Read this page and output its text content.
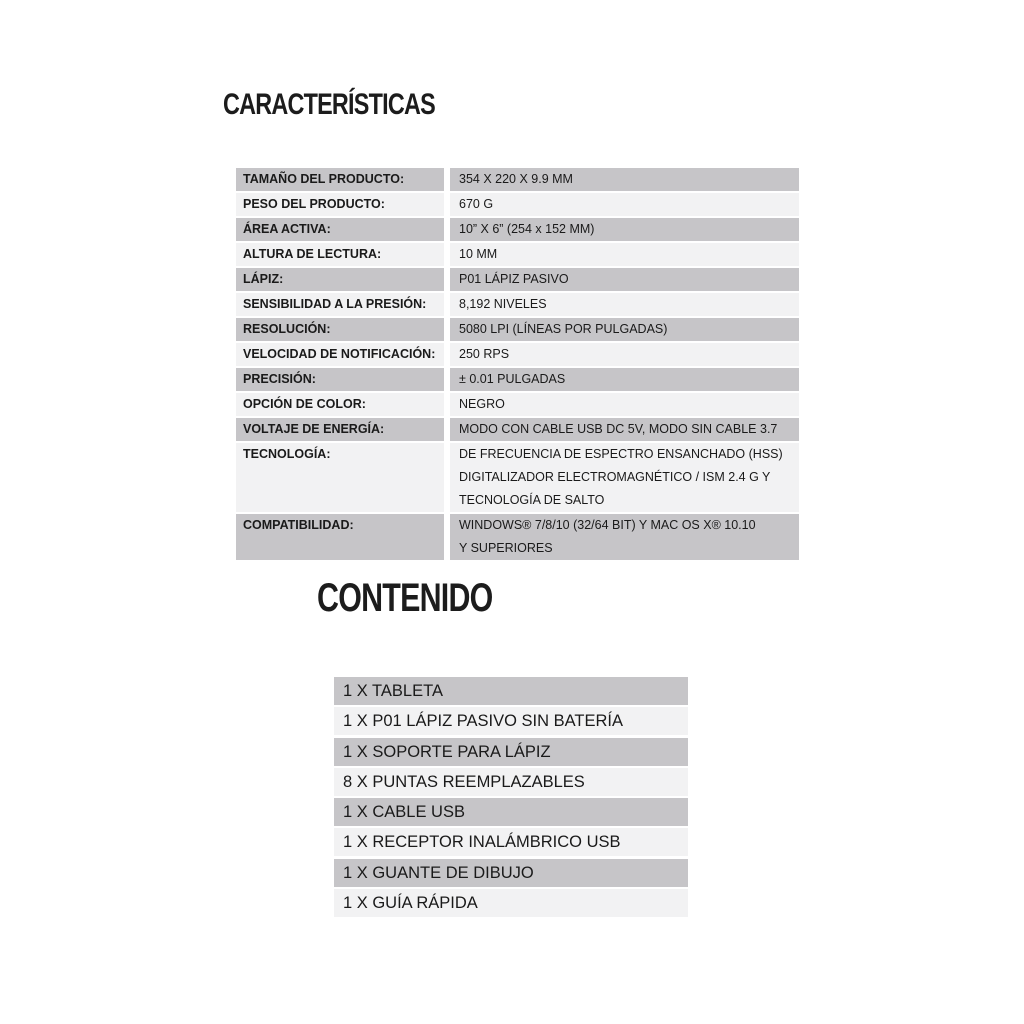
CARACTERÍSTICAS
TAMAÑO DEL PRODUCTO:	354 X 220 X 9.9 MM
PESO DEL PRODUCTO:	670 G
ÁREA ACTIVA:	10” X 6” (254 x 152 MM)
ALTURA DE LECTURA:	10 MM
LÁPIZ:	P01 LÁPIZ PASIVO
SENSIBILIDAD A LA PRESIÓN:	8,192 NIVELES
RESOLUCIÓN:	5080 LPI (LÍNEAS POR PULGADAS)
VELOCIDAD DE NOTIFICACIÓN:	250 RPS
PRECISIÓN:	± 0.01 PULGADAS
OPCIÓN DE COLOR:	NEGRO
VOLTAJE DE ENERGÍA:	MODO CON CABLE USB DC 5V, MODO SIN CABLE 3.7
TECNOLOGÍA:	DE FRECUENCIA DE ESPECTRO ENSANCHADO (HSS)
DIGITALIZADOR ELECTROMAGNÉTICO / ISM 2.4 G Y
TECNOLOGÍA DE SALTO
COMPATIBILIDAD:	WINDOWS® 7/8/10 (32/64 BIT) Y MAC OS X® 10.10
Y SUPERIORES
CONTENIDO
1 X TABLETA
1 X P01 LÁPIZ PASIVO SIN BATERÍA
1 X SOPORTE PARA LÁPIZ
8 X PUNTAS REEMPLAZABLES
1 X CABLE USB
1 X RECEPTOR INALÁMBRICO USB
1 X GUANTE DE DIBUJO
1 X GUÍA RÁPIDA
